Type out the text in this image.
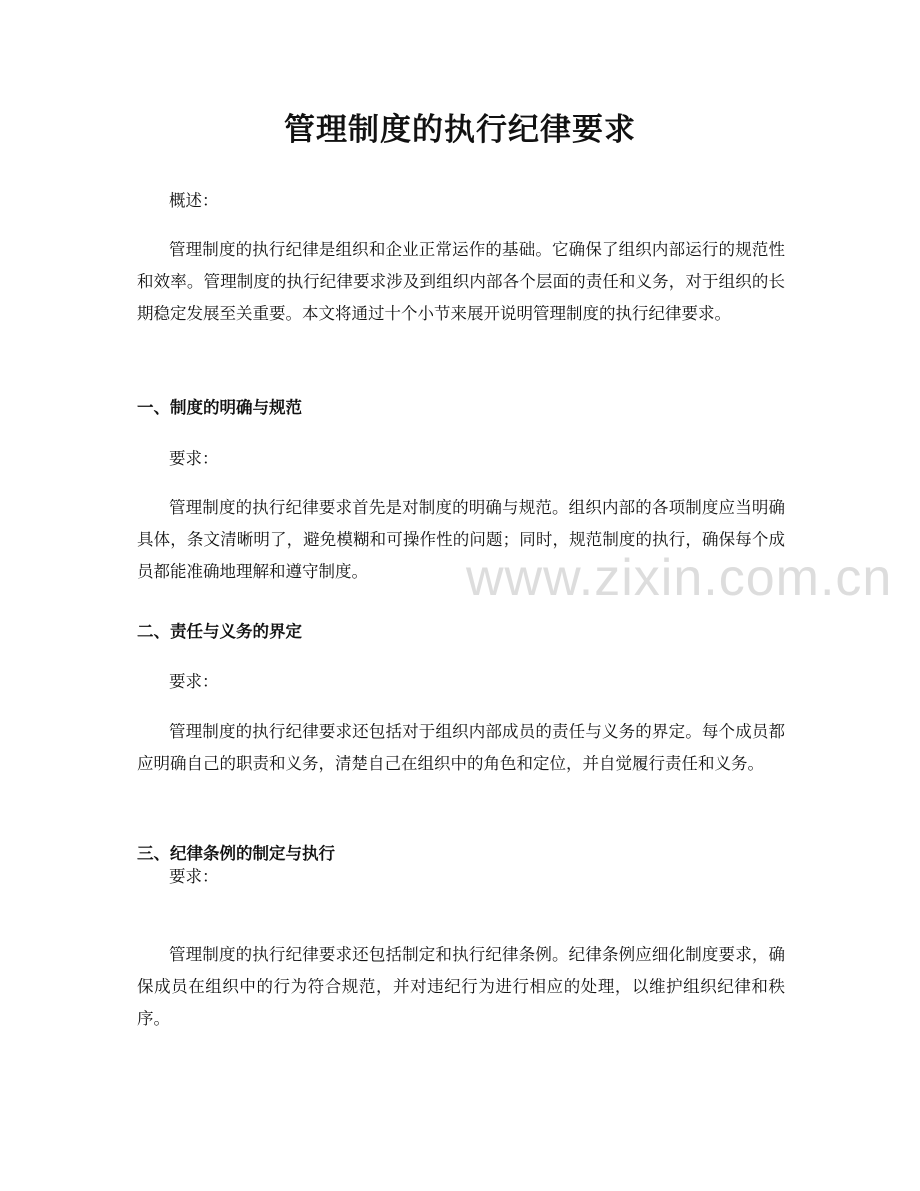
管理制度的执行纪律要求

概述：

管理制度的执行纪律是组织和企业正常运作的基础。它确保了组织内部运行的规范性和效率。管理制度的执行纪律要求涉及到组织内部各个层面的责任和义务，对于组织的长期稳定发展至关重要。本文将通过十个小节来展开说明管理制度的执行纪律要求。

一、制度的明确与规范

要求：

管理制度的执行纪律要求首先是对制度的明确与规范。组织内部的各项制度应当明确具体，条文清晰明了，避免模糊和可操作性的问题；同时，规范制度的执行，确保每个成员都能准确地理解和遵守制度。

二、责任与义务的界定

要求：

管理制度的执行纪律要求还包括对于组织内部成员的责任与义务的界定。每个成员都应明确自己的职责和义务，清楚自己在组织中的角色和定位，并自觉履行责任和义务。

三、纪律条例的制定与执行

要求：

管理制度的执行纪律要求还包括制定和执行纪律条例。纪律条例应细化制度要求，确保成员在组织中的行为符合规范，并对违纪行为进行相应的处理，以维护组织纪律和秩序。

www.zixin.com.cn
